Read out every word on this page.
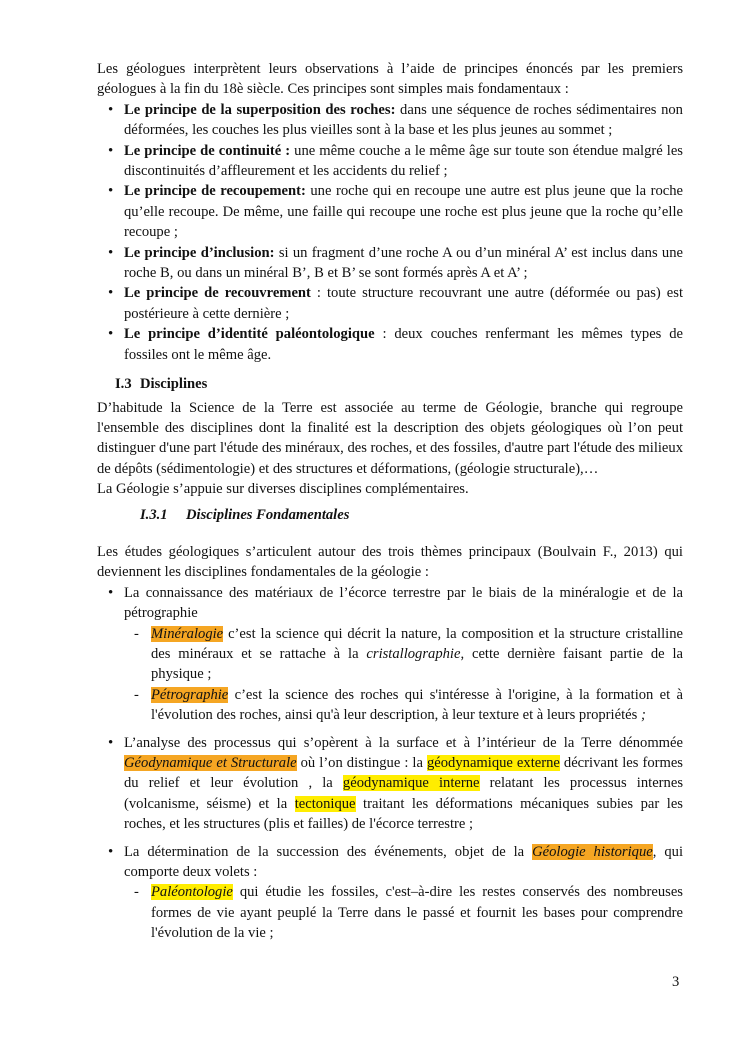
Les géologues interprètent leurs observations à l’aide de principes énoncés par les premiers géologues à la fin du 18è siècle. Ces principes sont simples mais fondamentaux :

• Le principe de la superposition des roches: dans une séquence de roches sédimentaires non déformées, les couches les plus vieilles sont à la base et les plus jeunes au sommet ;
• Le principe de continuité : une même couche a le même âge sur toute son étendue malgré les discontinuités d’affleurement et les accidents du relief ;
• Le principe de recoupement: une roche qui en recoupe une autre est plus jeune que la roche qu’elle recoupe. De même, une faille qui recoupe une roche est plus jeune que la roche qu’elle recoupe ;
• Le principe d’inclusion: si un fragment d’une roche A ou d’un minéral A’ est inclus dans une roche B, ou dans un minéral B’, B et B’ se sont formés après A et A’ ;
• Le principe de recouvrement : toute structure recouvrant une autre (déformée ou pas) est postérieure à cette dernière ;
• Le principe d’identité paléontologique : deux couches renfermant les mêmes types de fossiles ont le même âge.
I.3 Disciplines

D’habitude la Science de la Terre est associée au terme de Géologie, branche qui regroupe l'ensemble des disciplines dont la finalité est la description des objets géologiques où l’on peut distinguer d'une part l'étude des minéraux, des roches, et des fossiles, d'autre part l'étude des milieux de dépôts (sédimentologie) et des structures et déformations, (géologie structurale),…

La Géologie s’appuie sur diverses disciplines complémentaires.

I.3.1 Disciplines Fondamentales

Les études géologiques s’articulent autour des trois thèmes principaux (Boulvain F., 2013) qui deviennent les disciplines fondamentales de la géologie :

• La connaissance des matériaux de l’écorce terrestre par le biais de la minéralogie et de la pétrographie
- Minéralogie c’est la science qui décrit la nature, la composition et la structure cristalline des minéraux et se rattache à la cristallographie, cette dernière faisant partie de la physique ;
- Pétrographie c’est la science des roches qui s'intéresse à l'origine, à la formation et à l'évolution des roches, ainsi qu'à leur description, à leur texture et à leurs propriétés ;
• L’analyse des processus qui s’opèrent à la surface et à l’intérieur de la Terre dénommée Géodynamique et Structurale où l’on distingue : la géodynamique externe décrivant les formes du relief et leur évolution , la géodynamique interne relatant les processus internes (volcanisme, séisme) et la tectonique traitant les déformations mécaniques subies par les roches, et les structures (plis et failles) de l'écorce terrestre ;
• La détermination de la succession des événements, objet de la Géologie historique, qui comporte deux volets :
- Paléontologie qui étudie les fossiles, c'est–à-dire les restes conservés des nombreuses formes de vie ayant peuplé la Terre dans le passé et fournit les bases pour comprendre l'évolution de la vie ;
3
